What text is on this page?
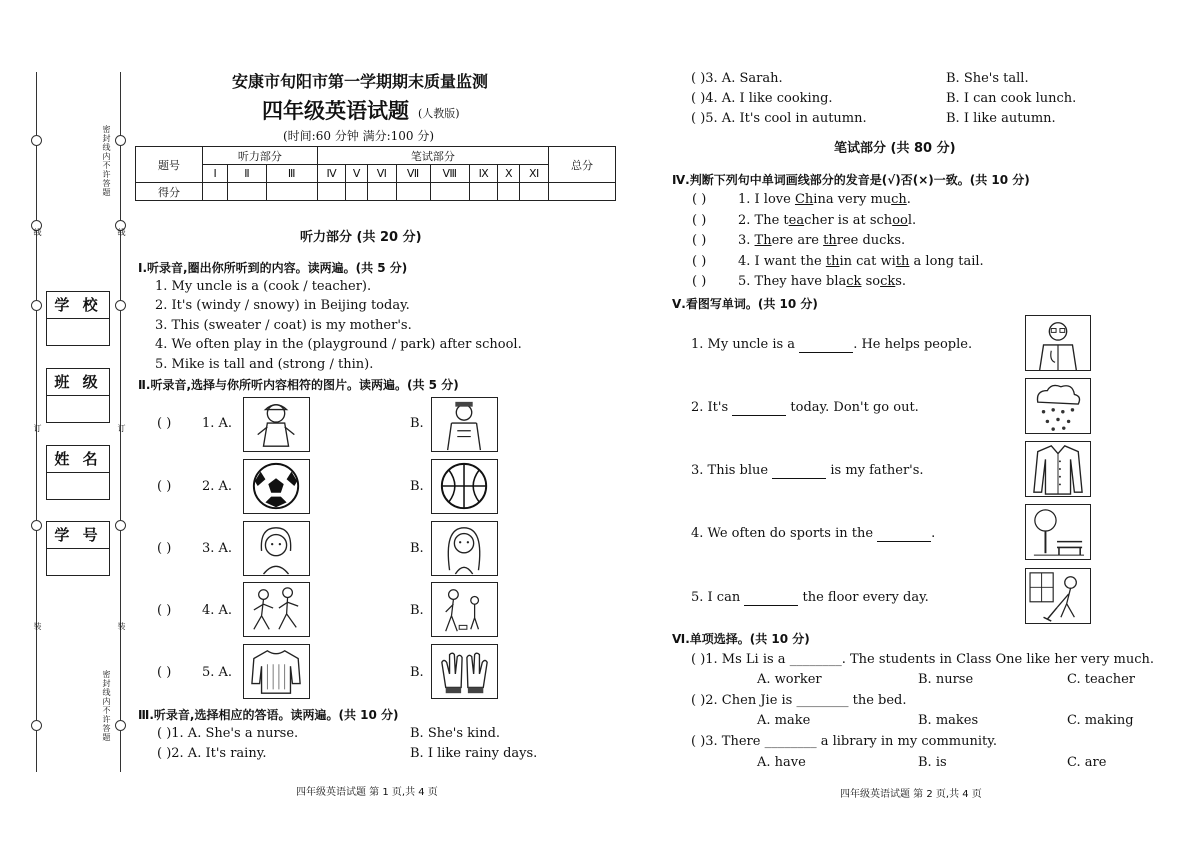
密封线内不许答题
密封线内不许答题
线	线
订	订
装	装
学 校
班 级
姓 名
学 号
安康市旬阳市第一学期期末质量监测
四年级英语试题 (人教版)
(时间:60 分钟 满分:100 分)
题号	听力部分			笔试部分								总分
	Ⅰ	Ⅱ	Ⅲ	Ⅳ	Ⅴ	Ⅵ	Ⅶ	Ⅷ	Ⅸ	Ⅹ	Ⅺ	
得分												
听力部分 (共 20 分)
Ⅰ.听录音,圈出你所听到的内容。读两遍。(共 5 分)
1. My uncle is a (cook / teacher).
2. It's (windy / snowy) in Beijing today.
3. This (sweater / coat) is my mother's.
4. We often play in the (playground / park) after school.
5. Mike is tall and (strong / thin).
Ⅱ.听录音,选择与你所听内容相符的图片。读两遍。(共 5 分)
( ) 1. A.	B.
( ) 2. A.	B.
( ) 3. A.	B.
( ) 4. A.	B.
( ) 5. A.	B.
Ⅲ.听录音,选择相应的答语。读两遍。(共 10 分)
( )1. A. She's a nurse.	B. She's kind.
( )2. A. It's rainy.	B. I like rainy days.
四年级英语试题 第 1 页,共 4 页
( )3. A. Sarah.	B. She's tall.
( )4. A. I like cooking.	B. I can cook lunch.
( )5. A. It's cool in autumn.	B. I like autumn.
笔试部分 (共 80 分)
Ⅳ.判断下列句中单词画线部分的发音是(√)否(×)一致。(共 10 分)
( ) 1. I love China very much.
( ) 2. The teacher is at school.
( ) 3. There are three ducks.
( ) 4. I want the thin cat with a long tail.
( ) 5. They have black socks.
Ⅴ.看图写单词。(共 10 分)
1. My uncle is a	. He helps people.
2. It's	today. Don't go out.
3. This blue	is my father's.
4. We often do sports in the	.
5. I can	the floor every day.
Ⅵ.单项选择。(共 10 分)
( )1. Ms Li is a ________. The students in Class One like her very much.
A. worker	B. nurse	C. teacher
( )2. Chen Jie is ________ the bed.
A. make	B. makes	C. making
( )3. There ________ a library in my community.
A. have	B. is	C. are
四年级英语试题 第 2 页,共 4 页
